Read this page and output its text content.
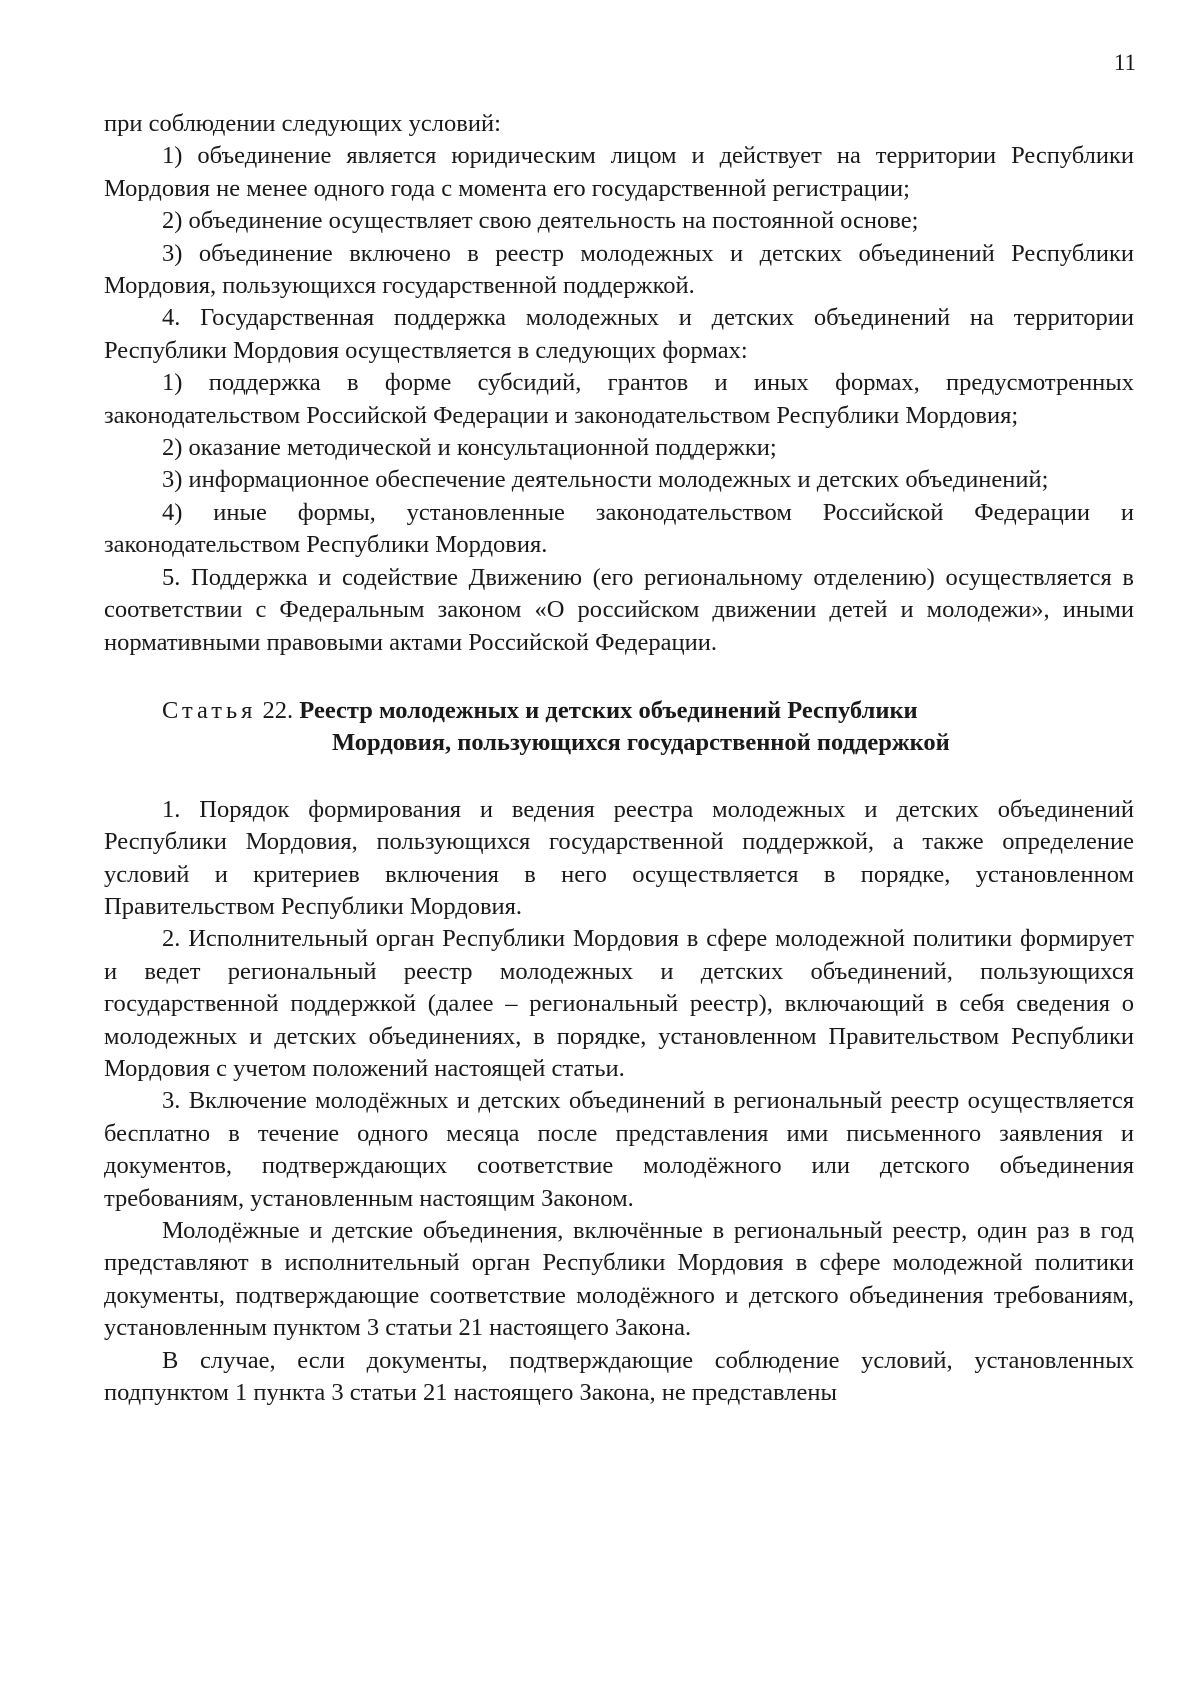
11

при соблюдении следующих условий:

1) объединение является юридическим лицом и действует на территории Республики Мордовия не менее одного года с момента его государственной регистрации;

2) объединение осуществляет свою деятельность на постоянной основе;

3) объединение включено в реестр молодежных и детских объединений Республики Мордовия, пользующихся государственной поддержкой.

4. Государственная поддержка молодежных и детских объединений на территории Республики Мордовия осуществляется в следующих формах:

1) поддержка в форме субсидий, грантов и иных формах, предусмотренных законодательством Российской Федерации и законодательством Республики Мордовия;

2) оказание методической и консультационной поддержки;

3) информационное обеспечение деятельности молодежных и детских объединений;

4) иные формы, установленные законодательством Российской Федерации и законодательством Республики Мордовия.

5. Поддержка и содействие Движению (его региональному отделению) осуществляется в соответствии с Федеральным законом «О российском движении детей и молодежи», иными нормативными правовыми актами Российской Федерации.

Статья 22. Реестр молодежных и детских объединений Республики
Мордовия, пользующихся государственной поддержкой

1. Порядок формирования и ведения реестра молодежных и детских объединений Республики Мордовия, пользующихся государственной поддержкой, а также определение условий и критериев включения в него осуществляется в порядке, установленном Правительством Республики Мордовия.

2. Исполнительный орган Республики Мордовия в сфере молодежной политики формирует и ведет региональный реестр молодежных и детских объединений, пользующихся государственной поддержкой (далее – региональный реестр), включающий в себя сведения о молодежных и детских объединениях, в порядке, установленном Правительством Республики Мордовия с учетом положений настоящей статьи.

3. Включение молодёжных и детских объединений в региональный реестр осуществляется бесплатно в течение одного месяца после представления ими письменного заявления и документов, подтверждающих соответствие молодёжного или детского объединения требованиям, установленным настоящим Законом.

Молодёжные и детские объединения, включённые в региональный реестр, один раз в год представляют в исполнительный орган Республики Мордовия в сфере молодежной политики документы, подтверждающие соответствие молодёжного и детского объединения требованиям, установленным пунктом 3 статьи 21 настоящего Закона.

В случае, если документы, подтверждающие соблюдение условий, установленных подпунктом 1 пункта 3 статьи 21 настоящего Закона, не представлены
